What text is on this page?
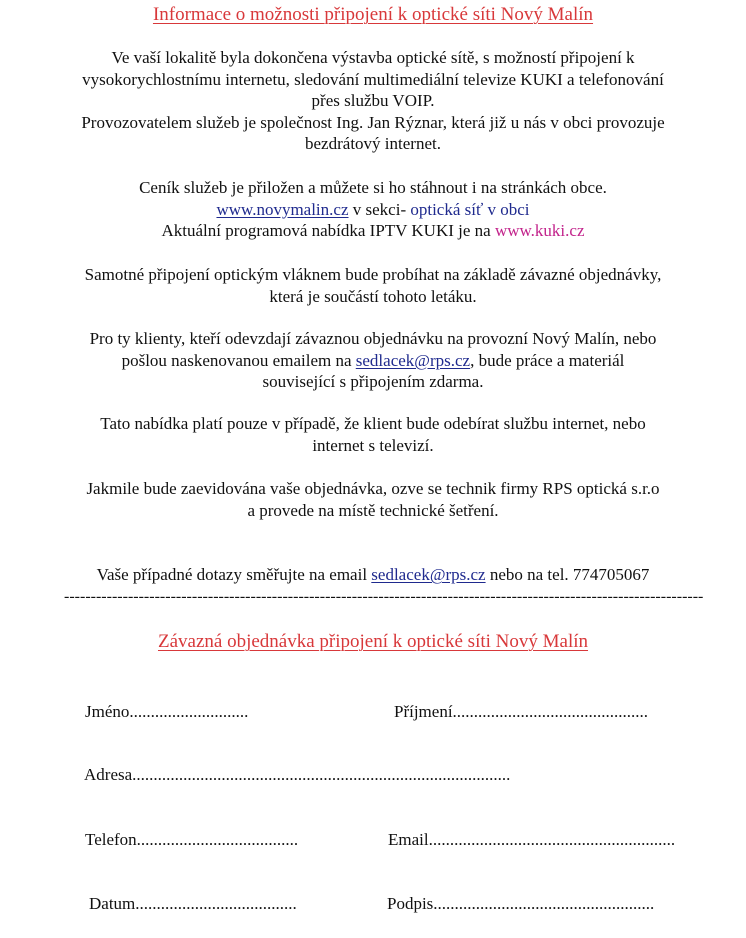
Informace o možnosti připojení k optické síti Nový Malín
Ve vaší lokalitě byla dokončena výstavba optické sítě, s možností připojení k
vysokorychlostnímu internetu, sledování multimediální televize KUKI a telefonování
přes službu VOIP.
Provozovatelem služeb je společnost Ing. Jan Rýznar, která již u nás v obci provozuje
bezdrátový internet.
Ceník služeb je přiložen a můžete si ho stáhnout i na stránkách obce.
www.novymalin.cz v sekci- optická síť v obci
Aktuální programová nabídka IPTV KUKI je na www.kuki.cz
Samotné připojení optickým vláknem bude probíhat na základě závazné objednávky,
která je součástí tohoto letáku.
Pro ty klienty, kteří odevzdají závaznou objednávku na provozní Nový Malín, nebo
pošlou naskenovanou emailem na sedlacek@rps.cz, bude práce a materiál
související s připojením zdarma.
Tato nabídka platí pouze v případě, že klient bude odebírat službu internet, nebo
internet s televizí.
Jakmile bude zaevidována vaše objednávka, ozve se technik firmy RPS optická s.r.o
a provede na místě technické šetření.
Vaše případné dotazy směřujte na email sedlacek@rps.cz nebo na tel. 774705067
------------------------------------------------------------------------------------------------------------------------
Závazná objednávka připojení k optické síti Nový Malín
Jméno............................	Příjmení..............................................
Adresa.........................................................................................
Telefon......................................	Email..........................................................
Datum......................................	Podpis....................................................
